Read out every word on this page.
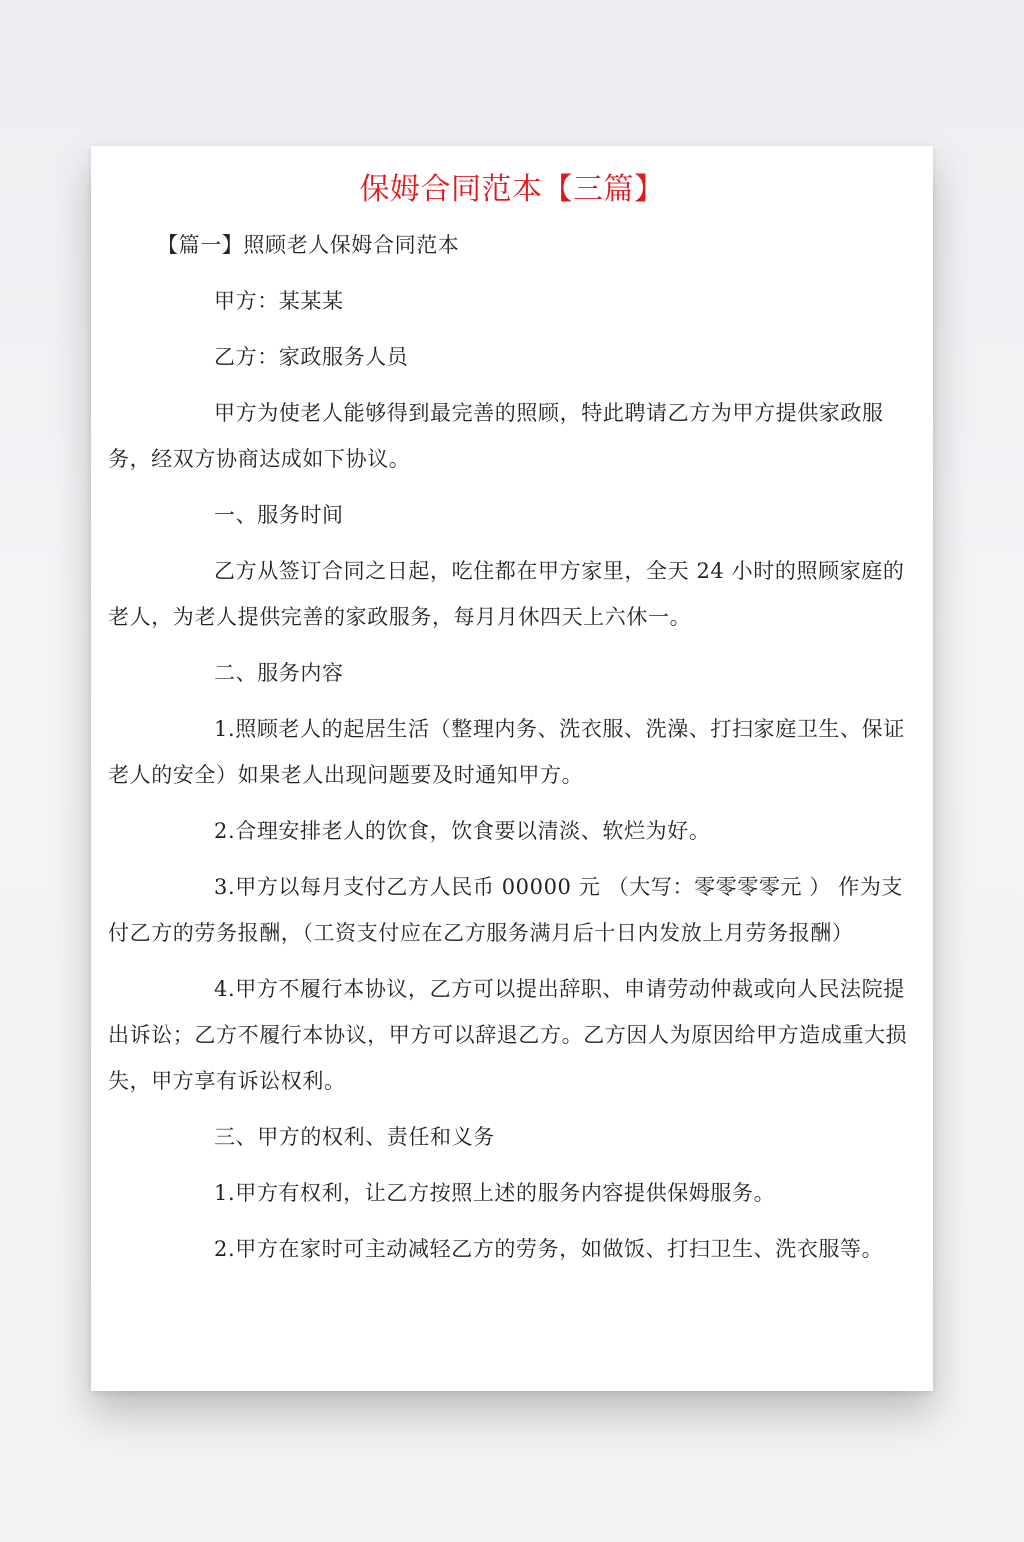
保姆合同范本【三篇】

【篇一】照顾老人保姆合同范本

甲方：某某某

乙方：家政服务人员

甲方为使老人能够得到最完善的照顾，特此聘请乙方为甲方提供家政服务，经双方协商达成如下协议。

一、服务时间

乙方从签订合同之日起，吃住都在甲方家里，全天 24 小时的照顾家庭的老人，为老人提供完善的家政服务，每月月休四天上六休一。

二、服务内容

1.照顾老人的起居生活（整理内务、洗衣服、洗澡、打扫家庭卫生、保证老人的安全）如果老人出现问题要及时通知甲方。

2.合理安排老人的饮食，饮食要以清淡、软烂为好。

3.甲方以每月支付乙方人民币 00000 元 （大写：零零零零元 ） 作为支付乙方的劳务报酬，（工资支付应在乙方服务满月后十日内发放上月劳务报酬）

4.甲方不履行本协议，乙方可以提出辞职、申请劳动仲裁或向人民法院提出诉讼；乙方不履行本协议，甲方可以辞退乙方。乙方因人为原因给甲方造成重大损失，甲方享有诉讼权利。

三、甲方的权利、责任和义务

1.甲方有权利，让乙方按照上述的服务内容提供保姆服务。

2.甲方在家时可主动减轻乙方的劳务，如做饭、打扫卫生、洗衣服等。
